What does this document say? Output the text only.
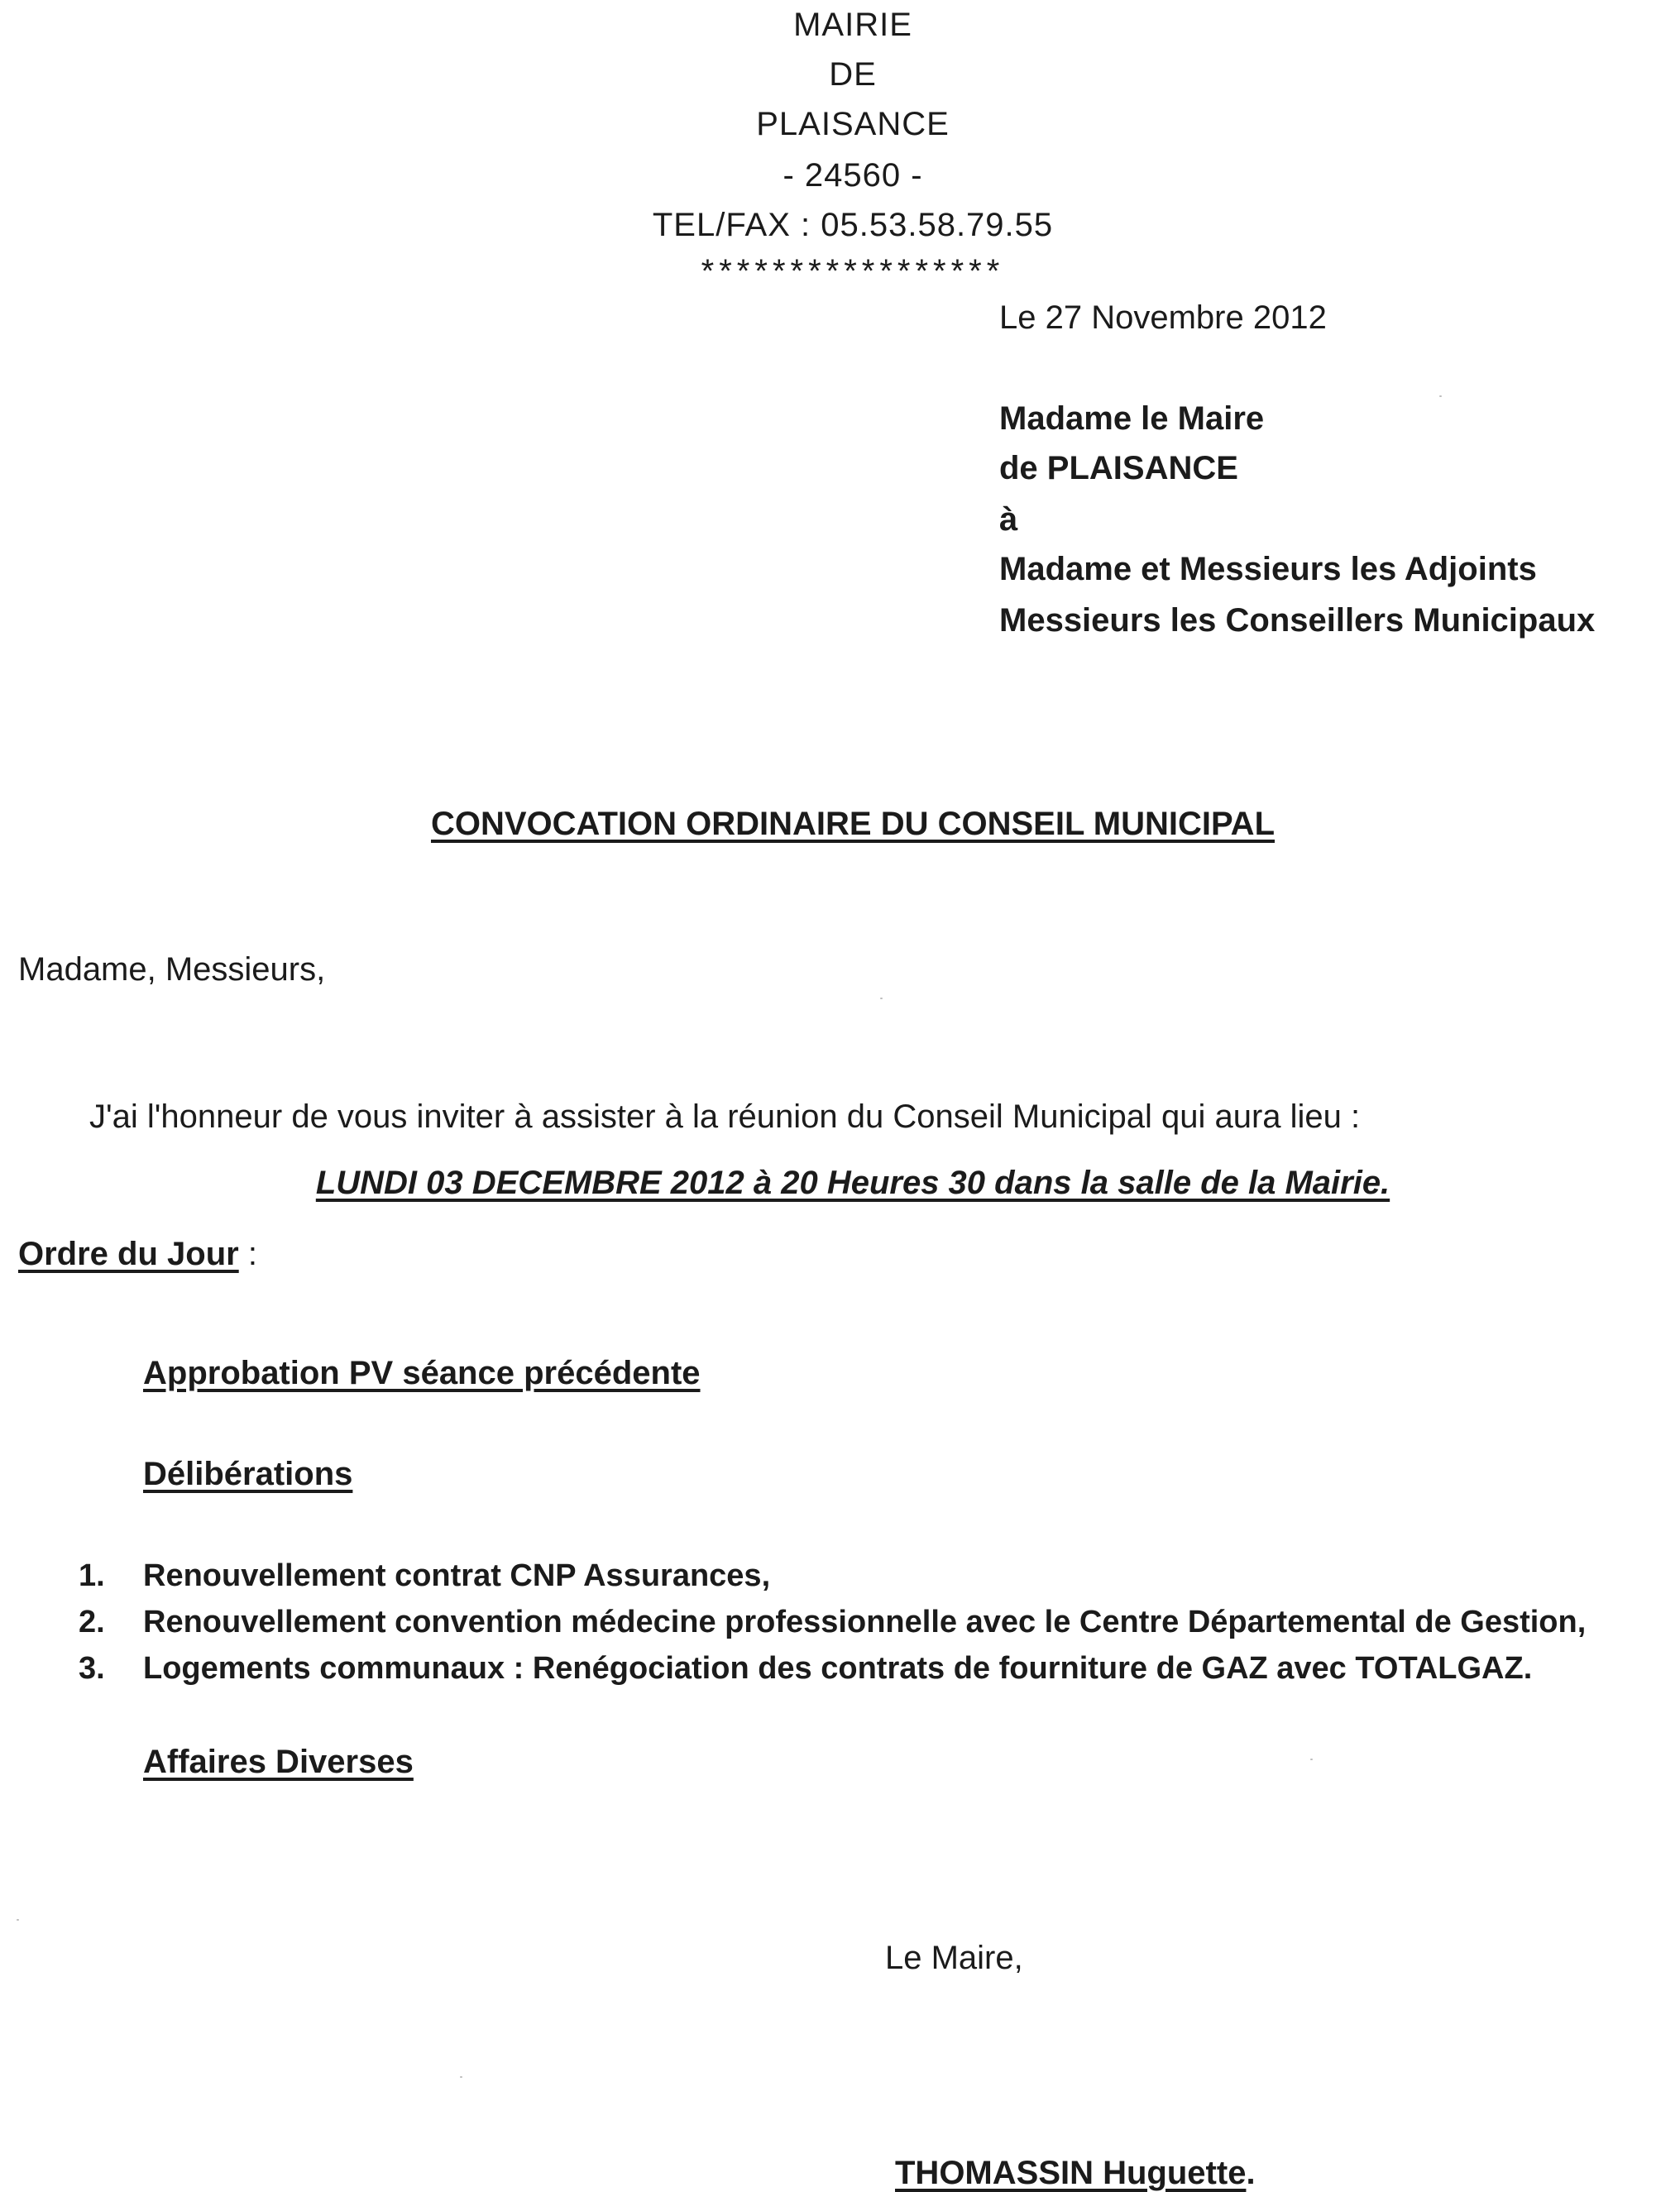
MAIRIE
DE
PLAISANCE
- 24560 -
TEL/FAX : 05.53.58.79.55
*****************
Le 27 Novembre 2012
Madame le Maire
de PLAISANCE
à
Madame et Messieurs les Adjoints
Messieurs les Conseillers Municipaux
CONVOCATION ORDINAIRE DU CONSEIL MUNICIPAL
Madame, Messieurs,
J'ai l'honneur de vous inviter à assister à la réunion du Conseil Municipal qui aura lieu :
LUNDI 03 DECEMBRE 2012 à 20 Heures 30 dans la salle de la Mairie.
Ordre du Jour :
Approbation PV séance précédente
Délibérations
1. Renouvellement contrat CNP Assurances,
2. Renouvellement convention médecine professionnelle avec le Centre Départemental de Gestion,
3. Logements communaux : Renégociation des contrats de fourniture de GAZ avec TOTALGAZ.
Affaires Diverses
Le Maire,
THOMASSIN Huguette.
